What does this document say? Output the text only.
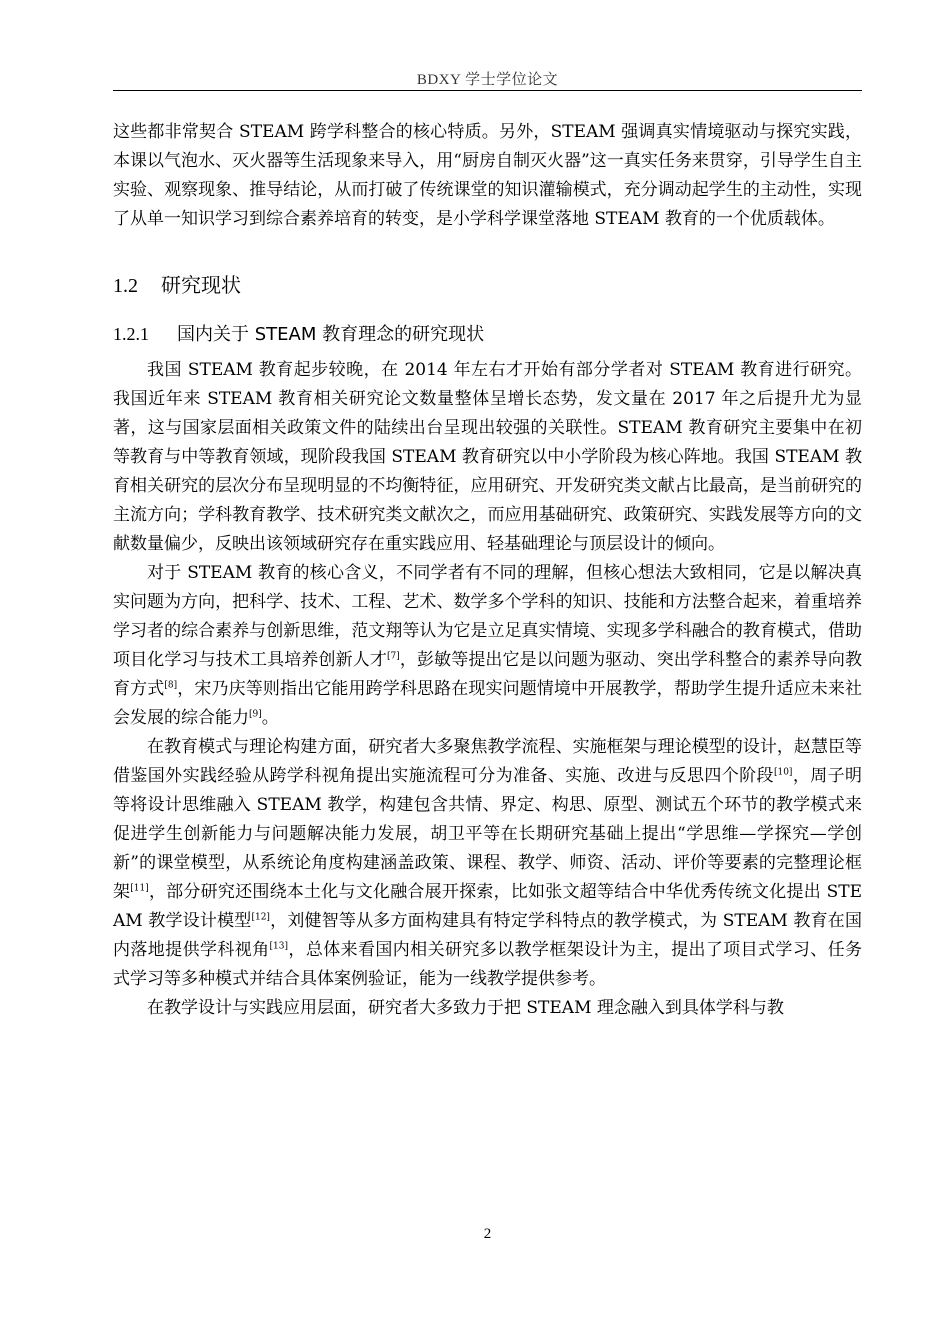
BDXY 学士学位论文

这些都非常契合 STEAM 跨学科整合的核心特质。另外，STEAM 强调真实情境驱动与探究实践，本课以气泡水、灭火器等生活现象来导入，用“厨房自制灭火器”这一真实任务来贯穿，引导学生自主实验、观察现象、推导结论，从而打破了传统课堂的知识灌输模式，充分调动起学生的主动性，实现了从单一知识学习到综合素养培育的转变，是小学科学课堂落地 STEAM 教育的一个优质载体。

1.2 研究现状
1.2.1 国内关于 STEAM 教育理念的研究现状

我国 STEAM 教育起步较晚，在 2014 年左右才开始有部分学者对 STEAM 教育进行研究。我国近年来 STEAM 教育相关研究论文数量整体呈增长态势，发文量在 2017 年之后提升尤为显著，这与国家层面相关政策文件的陆续出台呈现出较强的关联性。STEAM 教育研究主要集中在初等教育与中等教育领域，现阶段我国 STEAM 教育研究以中小学阶段为核心阵地。我国 STEAM 教育相关研究的层次分布呈现明显的不均衡特征，应用研究、开发研究类文献占比最高，是当前研究的主流方向；学科教育教学、技术研究类文献次之，而应用基础研究、政策研究、实践发展等方向的文献数量偏少，反映出该领域研究存在重实践应用、轻基础理论与顶层设计的倾向。

对于 STEAM 教育的核心含义，不同学者有不同的理解，但核心想法大致相同，它是以解决真实问题为方向，把科学、技术、工程、艺术、数学多个学科的知识、技能和方法整合起来，着重培养学习者的综合素养与创新思维，范文翔等认为它是立足真实情境、实现多学科融合的教育模式，借助项目化学习与技术工具培养创新人才[7]，彭敏等提出它是以问题为驱动、突出学科整合的素养导向教育方式[8]，宋乃庆等则指出它能用跨学科思路在现实问题情境中开展教学，帮助学生提升适应未来社会发展的综合能力[9]。

在教育模式与理论构建方面，研究者大多聚焦教学流程、实施框架与理论模型的设计，赵慧臣等借鉴国外实践经验从跨学科视角提出实施流程可分为准备、实施、改进与反思四个阶段[10]，周子明等将设计思维融入 STEAM 教学，构建包含共情、界定、构思、原型、测试五个环节的教学模式来促进学生创新能力与问题解决能力发展，胡卫平等在长期研究基础上提出“学思维—学探究—学创新”的课堂模型，从系统论角度构建涵盖政策、课程、教学、师资、活动、评价等要素的完整理论框架[11]，部分研究还围绕本土化与文化融合展开探索，比如张文超等结合中华优秀传统文化提出 STEAM 教学设计模型[12]，刘健智等从多方面构建具有特定学科特点的教学模式，为 STEAM 教育在国内落地提供学科视角[13]，总体来看国内相关研究多以教学框架设计为主，提出了项目式学习、任务式学习等多种模式并结合具体案例验证，能为一线教学提供参考。

在教学设计与实践应用层面，研究者大多致力于把 STEAM 理念融入到具体学科与教

2
